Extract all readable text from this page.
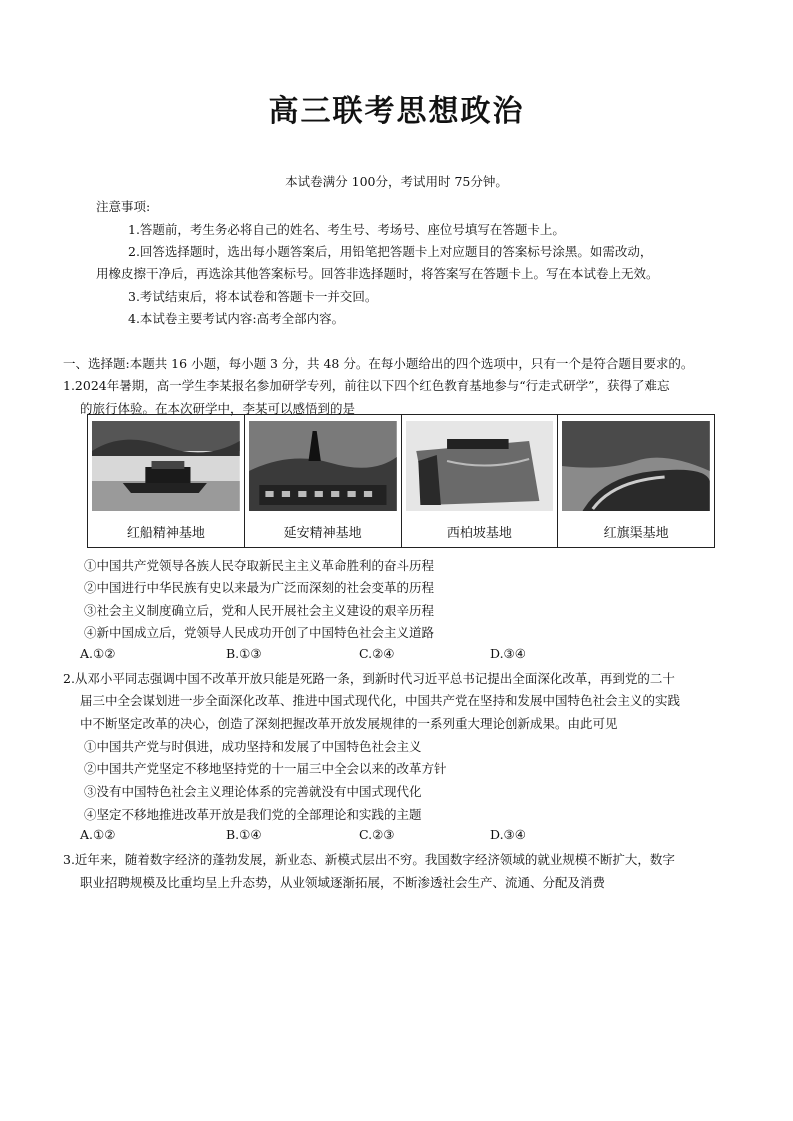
高三联考思想政治
本试卷满分 100分，考试用时 75分钟。
注意事项:
1.答题前，考生务必将自己的姓名、考生号、考场号、座位号填写在答题卡上。
2.回答选择题时，选出每小题答案后，用铅笔把答题卡上对应题目的答案标号涂黑。如需改动，
用橡皮擦干净后，再选涂其他答案标号。回答非选择题时，将答案写在答题卡上。写在本试卷上无效。
3.考试结束后，将本试卷和答题卡一并交回。
4.本试卷主要考试内容:高考全部内容。
一、选择题:本题共 16 小题，每小题 3 分，共 48 分。在每小题给出的四个选项中，只有一个是符合题目要求的。
1.2024年暑期，高一学生李某报名参加研学专列，前往以下四个红色教育基地参与“行走式研学”，获得了难忘
的旅行体验。在本次研学中，李某可以感悟到的是
红船精神基地	延安精神基地	西柏坡基地	红旗渠基地
①中国共产党领导各族人民夺取新民主主义革命胜利的奋斗历程
②中国进行中华民族有史以来最为广泛而深刻的社会变革的历程
③社会主义制度确立后，党和人民开展社会主义建设的艰辛历程
④新中国成立后，党领导人民成功开创了中国特色社会主义道路
A.①②	B.①③	C.②④	D.③④
2.从邓小平同志强调中国不改革开放只能是死路一条，到新时代习近平总书记提出全面深化改革，再到党的二十
届三中全会谋划进一步全面深化改革、推进中国式现代化，中国共产党在坚持和发展中国特色社会主义的实践
中不断坚定改革的决心，创造了深刻把握改革开放发展规律的一系列重大理论创新成果。由此可见
①中国共产党与时俱进，成功坚持和发展了中国特色社会主义
②中国共产党坚定不移地坚持党的十一届三中全会以来的改革方针
③没有中国特色社会主义理论体系的完善就没有中国式现代化
④坚定不移地推进改革开放是我们党的全部理论和实践的主题
A.①②	B.①④	C.②③	D.③④
3.近年来，随着数字经济的蓬勃发展，新业态、新模式层出不穷。我国数字经济领域的就业规模不断扩大，数字
职业招聘规模及比重均呈上升态势，从业领域逐渐拓展，不断渗透社会生产、流通、分配及消费
